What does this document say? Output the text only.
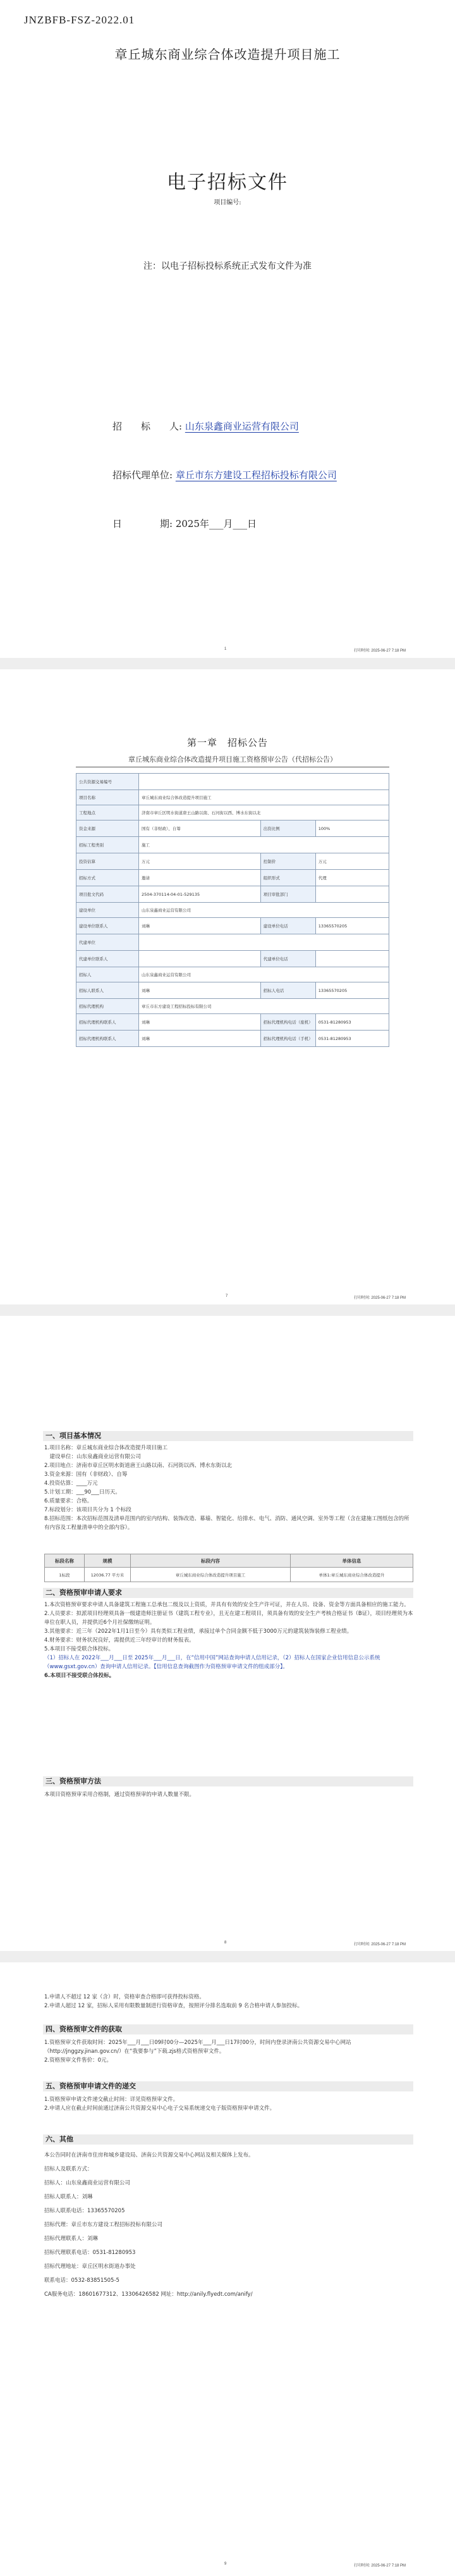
JNZBFB-FSZ-2022.01
章丘城东商业综合体改造提升项目施工
电子招标文件
项目编号:
注：以电子招标投标系统正式发布文件为准
招　　标　　人: 山东泉鑫商业运营有限公司
招标代理单位: 章丘市东方建设工程招标投标有限公司
日　　　　期: 2025年___月___日
1	打印时间: 2025-06-27 7:18 PM
第一章　招标公告
章丘城东商业综合体改造提升项目施工资格预审公告（代招标公告）
公共资源交易编号			
项目名称	章丘城东商业综合体改造提升项目施工		
工程地点	济南市章丘区明水街道唐王山路以南、石河街以西、博水东街以北		
资金来源	国有（非财政）、自筹	出资比例	100%
招标工程类别	施工		
投资估算	万元	控制价	万元
招标方式	邀请	组织形式	代理
项目批文代码	2504-370114-04-01-529135	项目审批部门	
建设单位	山东泉鑫商业运营有限公司		
建设单位联系人	刘琳	建设单位电话	13365570205
代建单位			
代建单位联系人		代建单位电话	
招标人	山东泉鑫商业运营有限公司		
招标人联系人	刘琳	招标人电话	13365570205
招标代理机构	章丘市东方建设工程招标投标有限公司		
招标代理机构联系人	刘琳	招标代理机构电话（座机）	0531-81280953
招标代理机构联系人	刘琳	招标代理机构电话（手机）	0531-81280953
7	打印时间: 2025-06-27 7:18 PM
一、项目基本情况

1.项目名称：章丘城东商业综合体改造提升项目施工

　建设单位：山东泉鑫商业运营有限公司

2.项目地点：济南市章丘区明水街道唐王山路以南、石河街以西、博水东街以北

3.资金来源：国有（非财政）、自筹

4.投资估算：____万元

5.计划工期：___90___日历天。

6.质量要求：合格。

7.标段划分：该项目共分为 1 个标段

8.招标范围：本次招标范围及清单范围内的室内结构、装饰改造、幕墙、智能化、给排水、电气、消防、通风空调、室外等工程（含在建施工图纸包含的所有内容及工程量清单中的全部内容）。

标段名称	规模	标段内容	单体信息
1标段	12036.77 平方米	章丘城东商业综合体改造提升项目施工	单体1:章丘城东商业综合体改造提升
二、资格预审申请人要求

1.本次资格预审要求申请人具备建筑工程施工总承包二级及以上资质，并具有有效的安全生产许可证，并在人员、设备、资金等方面具备相应的施工能力。

2.人员要求：拟派项目经理须具备一级建造师注册证书（建筑工程专业），且无在建工程项目，须具备有效的安全生产考核合格证书（B证），项目经理须为本单位在职人员，并提供近6个月社保缴纳证明。

3.其他要求：近三年（2022年1月1日至今）具有类似工程业绩，承接过单个合同金额不低于3000万元的建筑装饰装修工程业绩。

4.财务要求：财务状况良好，需提供近三年经审计的财务报表。

5.本项目不接受联合体投标。

（1）招标人在 2022年___月___日至 2025年___月___日，在“信用中国”网站查询申请人信用记录，（2）招标人在国家企业信用信息公示系统（www.gsxt.gov.cn）查询申请人信用记录。【信用信息查询截图作为资格预审申请文件的组成部分】。

6.本项目不接受联合体投标。

三、资格预审方法

本项目资格预审采用合格制，通过资格预审的申请人数量不限。

8	打印时间: 2025-06-27 7:18 PM

1.申请人不超过 12 家（含）时，资格审查合格即可获得投标资格。

2.申请人超过 12 家，招标人采用有限数量制进行资格审查，按照评分排名选取前 9 名合格申请人参加投标。

四、资格预审文件的获取

1.资格预审文件获取时间：2025年___月___日09时00分—2025年___月___日17时00分，时间内登录济南公共资源交易中心网站（http://jnggzy.jinan.gov.cn/）在“我要参与”下载.zjs格式资格预审文件。

2.资格预审文件售价：0元。

五、资格预审申请文件的递交

1.资格预审申请文件递交截止时间：详见资格预审文件。

2.申请人应在截止时间前通过济南公共资源交易中心电子交易系统递交电子版资格预审申请文件。

六、其他

本公告同时在济南市住房和城乡建设局、济南公共资源交易中心网站及相关媒体上发布。

招标人及联系方式：

招标人：山东泉鑫商业运营有限公司

招标人联系人：刘琳

招标人联系电话：13365570205

招标代理：章丘市东方建设工程招标投标有限公司

招标代理联系人：刘琳

招标代理联系电话：0531-81280953

招标代理地址：章丘区明水街道办事处

联系电话：0532-83851505-5

CA服务电话：18601677312、13306426582 网址：http://anily.flyedt.com/anify/

9	打印时间: 2025-06-27 7:18 PM
